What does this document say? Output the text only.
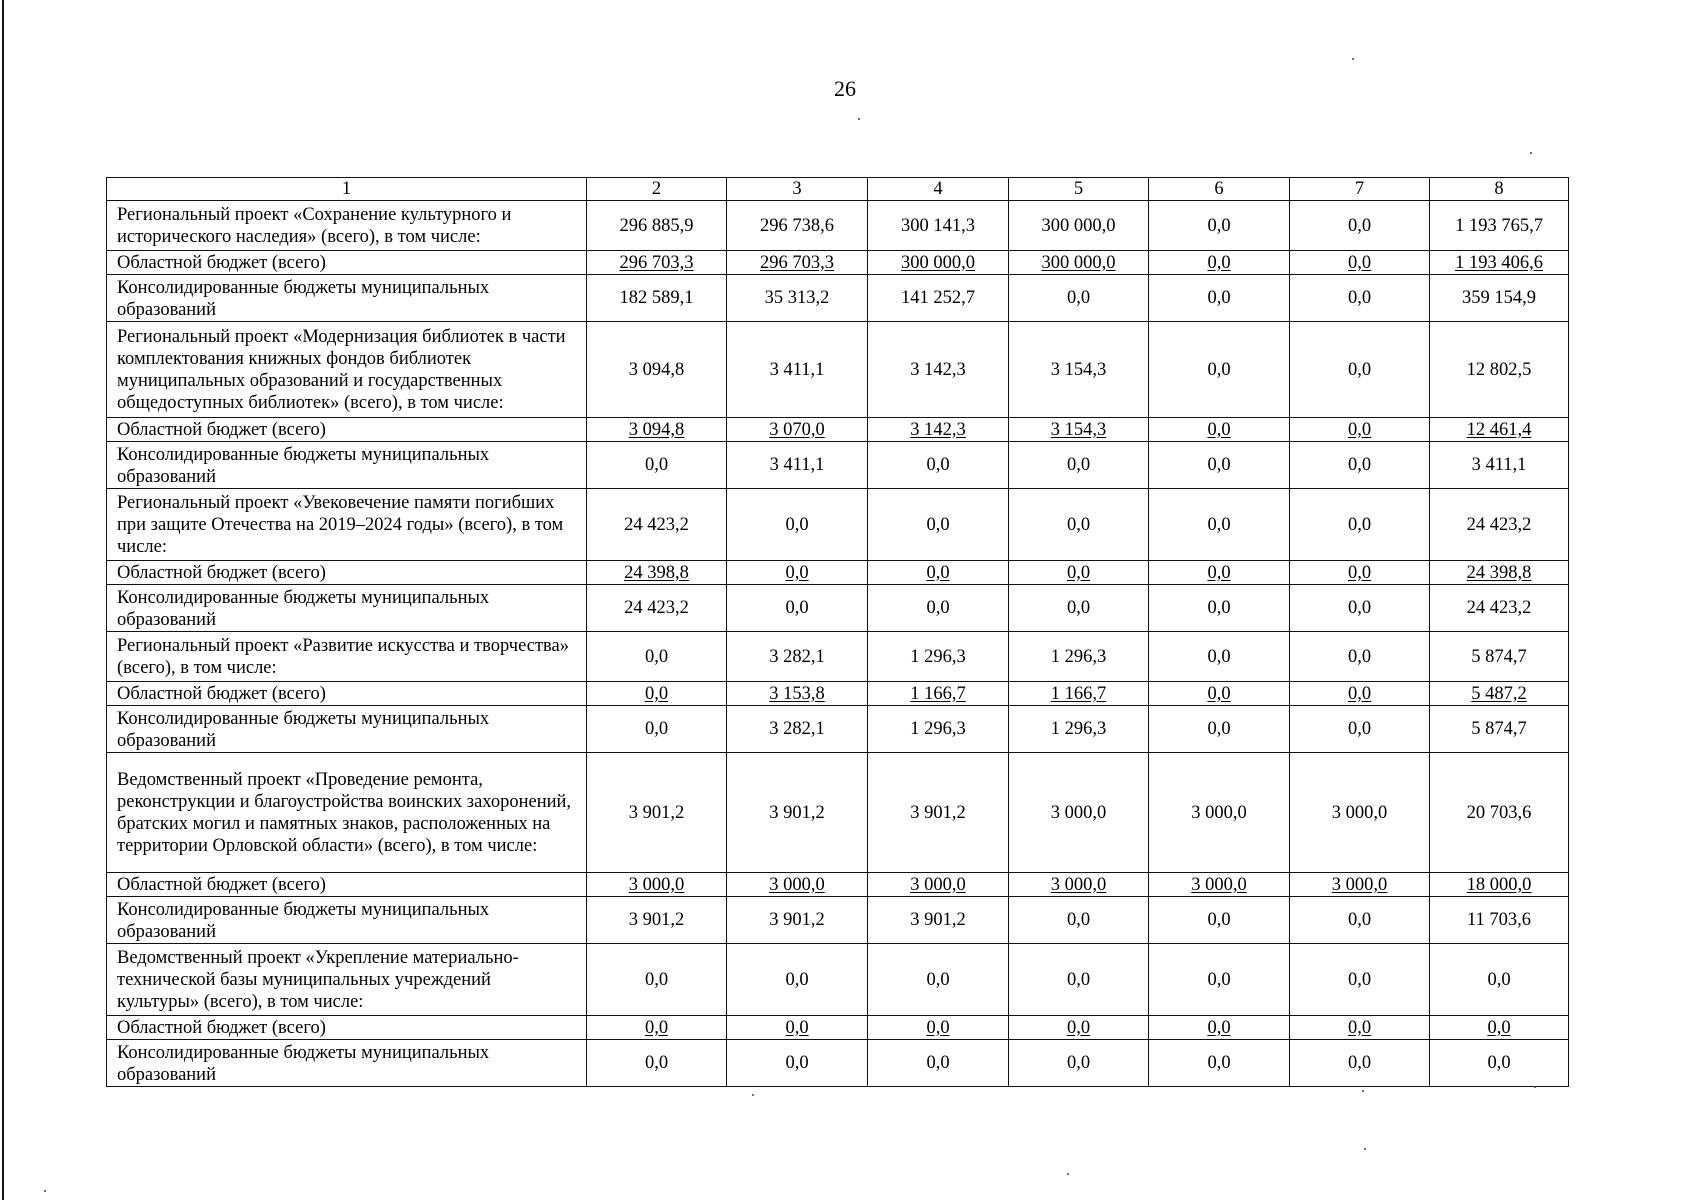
26
1	2	3	4	5	6	7	8
Региональный проект «Сохранение культурного и исторического наследия» (всего), в том числе:	296 885,9	296 738,6	300 141,3	300 000,0	0,0	0,0	1 193 765,7
Областной бюджет (всего)	296 703,3	296 703,3	300 000,0	300 000,0	0,0	0,0	1 193 406,6
Консолидированные бюджеты муниципальных образований	182 589,1	35 313,2	141 252,7	0,0	0,0	0,0	359 154,9
Региональный проект «Модернизация библиотек в части комплектования книжных фондов библиотек муниципальных образований и государственных общедоступных библиотек» (всего), в том числе:	3 094,8	3 411,1	3 142,3	3 154,3	0,0	0,0	12 802,5
Областной бюджет (всего)	3 094,8	3 070,0	3 142,3	3 154,3	0,0	0,0	12 461,4
Консолидированные бюджеты муниципальных образований	0,0	3 411,1	0,0	0,0	0,0	0,0	3 411,1
Региональный проект «Увековечение памяти погибших при защите Отечества на 2019–2024 годы» (всего), в том числе:	24 423,2	0,0	0,0	0,0	0,0	0,0	24 423,2
Областной бюджет (всего)	24 398,8	0,0	0,0	0,0	0,0	0,0	24 398,8
Консолидированные бюджеты муниципальных образований	24 423,2	0,0	0,0	0,0	0,0	0,0	24 423,2
Региональный проект «Развитие искусства и творчества» (всего), в том числе:	0,0	3 282,1	1 296,3	1 296,3	0,0	0,0	5 874,7
Областной бюджет (всего)	0,0	3 153,8	1 166,7	1 166,7	0,0	0,0	5 487,2
Консолидированные бюджеты муниципальных образований	0,0	3 282,1	1 296,3	1 296,3	0,0	0,0	5 874,7
Ведомственный проект «Проведение ремонта, реконструкции и благоустройства воинских захоронений, братских могил и памятных знаков, расположенных на территории Орловской области» (всего), в том числе:	3 901,2	3 901,2	3 901,2	3 000,0	3 000,0	3 000,0	20 703,6
Областной бюджет (всего)	3 000,0	3 000,0	3 000,0	3 000,0	3 000,0	3 000,0	18 000,0
Консолидированные бюджеты муниципальных образований	3 901,2	3 901,2	3 901,2	0,0	0,0	0,0	11 703,6
Ведомственный проект «Укрепление материально-технической базы муниципальных учреждений культуры» (всего), в том числе:	0,0	0,0	0,0	0,0	0,0	0,0	0,0
Областной бюджет (всего)	0,0	0,0	0,0	0,0	0,0	0,0	0,0
Консолидированные бюджеты муниципальных образований	0,0	0,0	0,0	0,0	0,0	0,0	0,0
